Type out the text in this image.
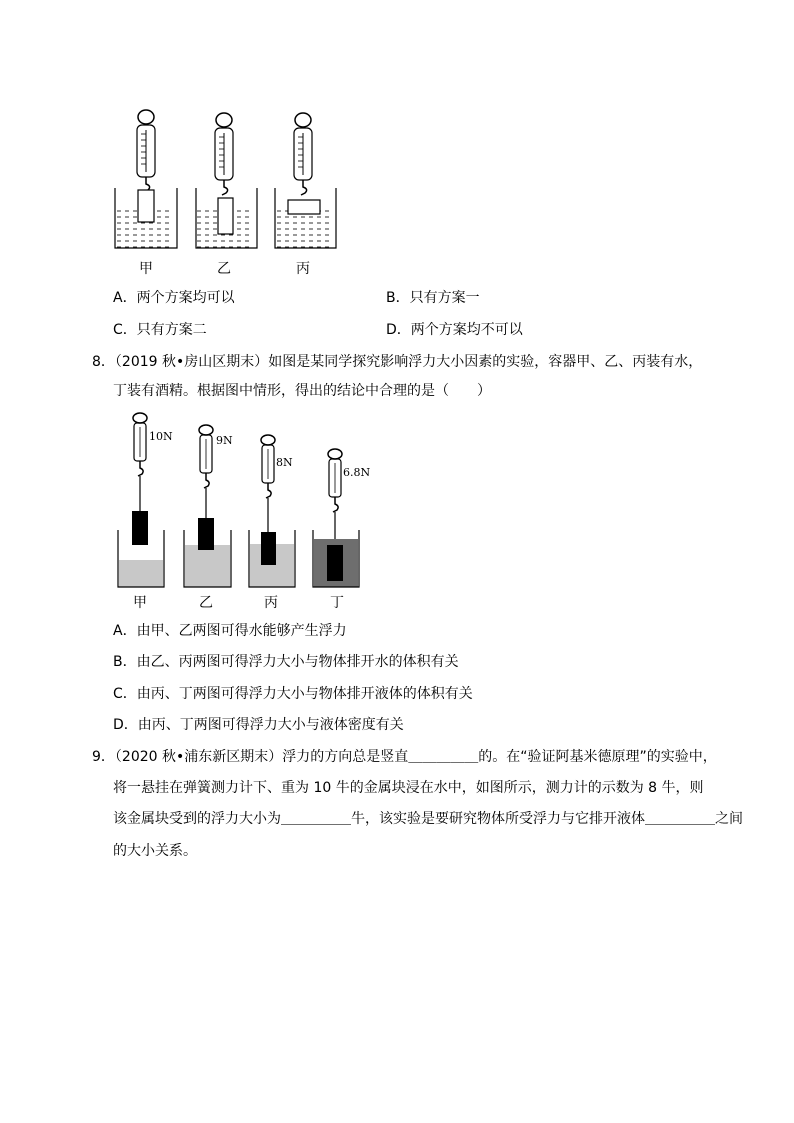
甲	乙	丙
A．两个方案均可以	B．只有方案一
C．只有方案二	D．两个方案均不可以
8．（2019 秋•房山区期末）如图是某同学探究影响浮力大小因素的实验，容器甲、乙、丙装有水，
丁装有酒精。根据图中情形，得出的结论中合理的是（　　）
10N	9N
8N
6.8N
甲	乙	丙	丁
A．由甲、乙两图可得水能够产生浮力
B．由乙、丙两图可得浮力大小与物体排开水的体积有关
C．由丙、丁两图可得浮力大小与物体排开液体的体积有关
D．由丙、丁两图可得浮力大小与液体密度有关
9．（2020 秋•浦东新区期末）浮力的方向总是竖直＿＿＿＿＿的。在“验证阿基米德原理”的实验中，
将一悬挂在弹簧测力计下、重为 10 牛的金属块浸在水中，如图所示，测力计的示数为 8 牛，则
该金属块受到的浮力大小为＿＿＿＿＿牛，该实验是要研究物体所受浮力与它排开液体＿＿＿＿＿之间
的大小关系。
